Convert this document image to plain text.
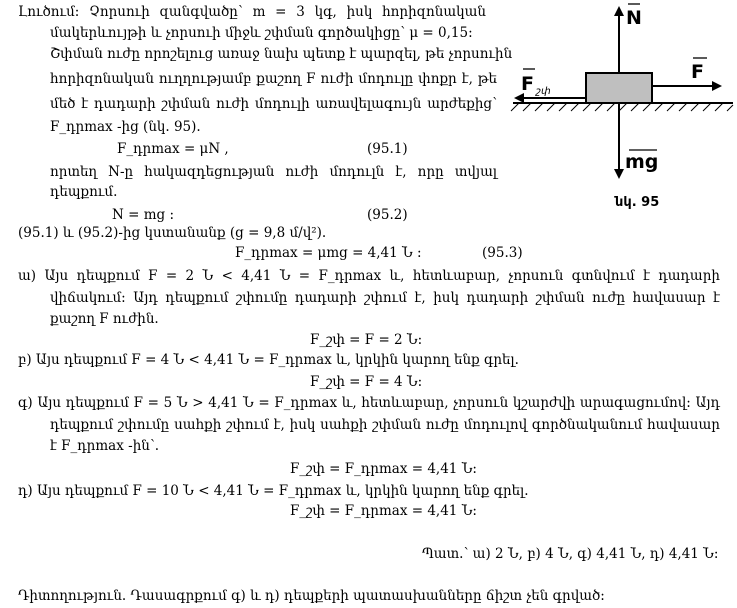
Լուծում: Չորսուի զանգվածը՝ m = 3 կգ, իսկ հորիզոնական
մակերևույթի և չորսուի միջև շփման գործակիցը՝ μ = 0,15:
Շփման ուժը որոշելուց առաջ նախ պետք է պարզել, թե չորսուին
հորիզոնական ուղղությամբ քաշող F ուժի մոդուլը փոքր է, թե
մեծ է դադարի շփման ուժի մոդուլի առավելագույն արժեքից՝
F_դրmax -ից (նկ. 95).
F_դրmax = μN ,	(95.1)
որտեղ N-ը հակազդեցության ուժի մոդուլն է, որը տվյալ
դեպքում.
N = mg :	(95.2)
(95.1) և (95.2)-ից կստանանք (g = 9,8 մ/վ²).
F_դրmax = μmg = 4,41 Ն :	(95.3)
ա) Այս դեպքում F = 2 Ն < 4,41 Ն = F_դրmax և, հետևաբար, չորսուն գտնվում է դադարի
վիճակում: Այդ դեպքում շփումը դադարի շփում է, իսկ դադարի շփման ուժը հավասար է
քաշող F ուժին.
F_շփ = F = 2 Ն:
բ) Այս դեպքում F = 4 Ն < 4,41 Ն = F_դրmax և, կրկին կարող ենք գրել.
F_շփ = F = 4 Ն:
գ) Այս դեպքում F = 5 Ն > 4,41 Ն = F_դրmax և, հետևաբար, չորսուն կշարժվի արագացումով: Այդ
դեպքում շփումը սահքի շփում է, իսկ սահքի շփման ուժը մոդուլով գործնականում հավասար
է F_դրmax -ին՝.
F_շփ = F_դրmax = 4,41 Ն:
դ) Այս դեպքում F = 10 Ն < 4,41 Ն = F_դրmax և, կրկին կարող ենք գրել.
F_շփ = F_դրmax = 4,41 Ն:
Պատ.՝ ա) 2 Ն, բ) 4 Ն, գ) 4,41 Ն, դ) 4,41 Ն:
Դիտողություն. Դասագրքում գ) և դ) դեպքերի պատասխանները ճիշտ չեն գրված:
N
F
F շփ
mg
նկ. 95
